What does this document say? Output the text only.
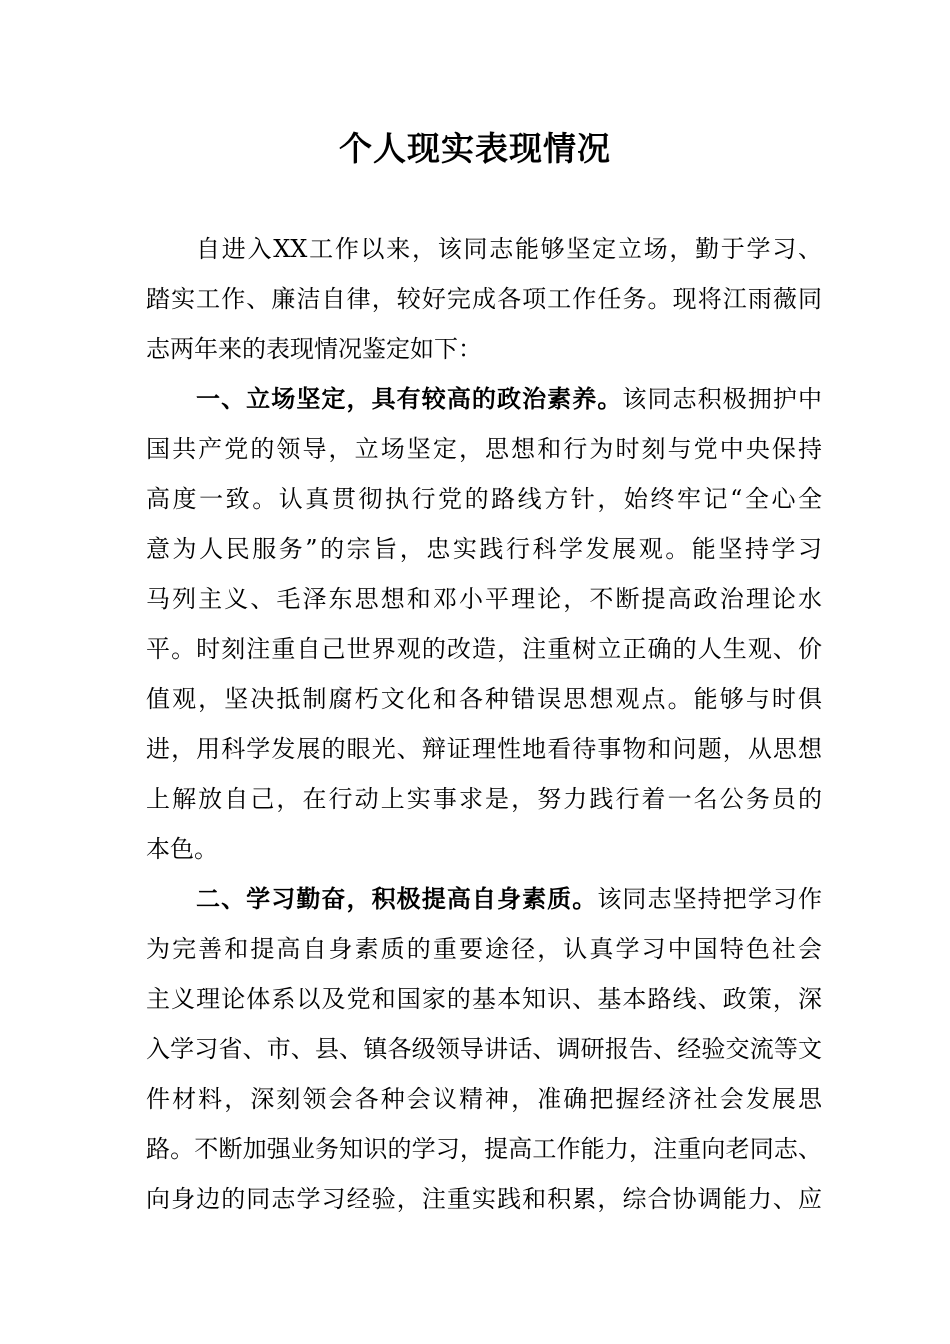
个人现实表现情况
自进入XX工作以来，该同志能够坚定立场，勤于学习、
踏实工作、廉洁自律，较好完成各项工作任务。现将江雨薇同
志两年来的表现情况鉴定如下：
一、立场坚定，具有较高的政治素养。该同志积极拥护中
国共产党的领导，立场坚定，思想和行为时刻与党中央保持
高度一致。认真贯彻执行党的路线方针，始终牢记“全心全
意为人民服务”的宗旨，忠实践行科学发展观。能坚持学习
马列主义、毛泽东思想和邓小平理论，不断提高政治理论水
平。时刻注重自己世界观的改造，注重树立正确的人生观、价
值观，坚决抵制腐朽文化和各种错误思想观点。能够与时俱
进，用科学发展的眼光、辩证理性地看待事物和问题，从思想
上解放自己，在行动上实事求是，努力践行着一名公务员的
本色。
二、学习勤奋，积极提高自身素质。该同志坚持把学习作
为完善和提高自身素质的重要途径，认真学习中国特色社会
主义理论体系以及党和国家的基本知识、基本路线、政策，深
入学习省、市、县、镇各级领导讲话、调研报告、经验交流等文
件材料，深刻领会各种会议精神，准确把握经济社会发展思
路。不断加强业务知识的学习，提高工作能力，注重向老同志、
向身边的同志学习经验，注重实践和积累，综合协调能力、应
